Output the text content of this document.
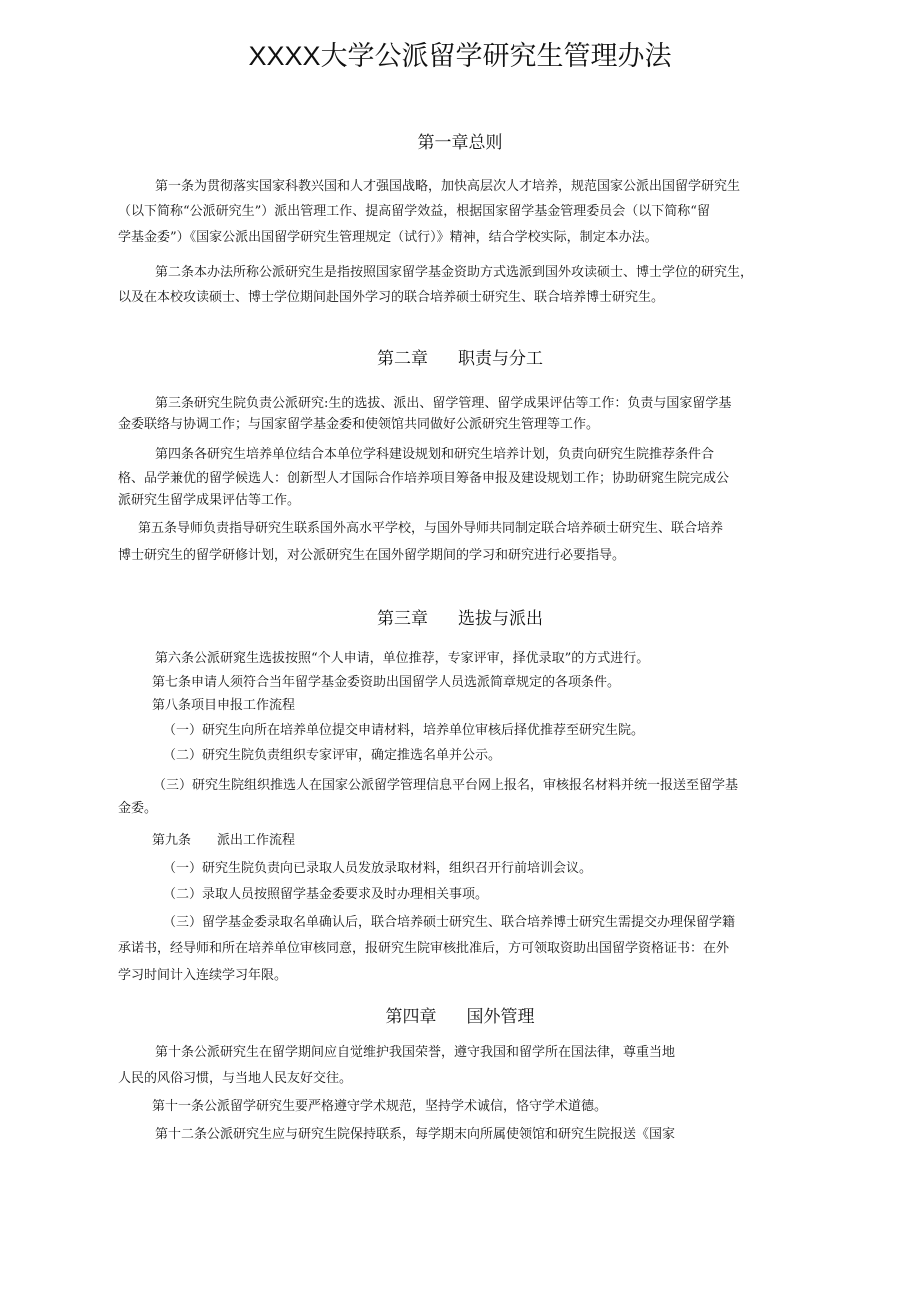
XXXX大学公派留学研究生管理办法
第一章总则
第一条为贯彻落实国家科教兴国和人才强国战略，加快高层次人才培养，规范国家公派出国留学研究生
（以下简称“公派研究生”）派出管理工作、提高留学效益，根据国家留学基金管理委员会（以下简称“留
学基金委”）《国家公派出国留学研究生管理规定（试行）》精神，结合学校实际，制定本办法。
第二条本办法所称公派研究生是指按照国家留学基金资助方式选派到国外攻读硕士、博士学位的研究生，
以及在本校攻读硕士、博士学位期间赴国外学习的联合培养硕士研究生、联合培养博士研究生。
第二章 职责与分工
第三条研究生院负责公派研究:生的选拔、派出、留学管理、留学成果评估等工作：负责与国家留学基
金委联络与协调工作；与国家留学基金委和使领馆共同做好公派研究生管理等工作。
第四条各研究生培养单位结合本单位学科建设规划和研究生培养计划，负责向研究生院推荐条件合
格、品学兼优的留学候选人：创新型人才国际合作培养项目筹备申报及建设规划工作；协助研窕生院完成公
派研究生留学成果评估等工作。
第五条导师负责指导研究生联系国外高水平学校，与国外导师共同制定联合培养硕士研究生、联合培养
博士研究生的留学研修计划，对公派研究生在国外留学期间的学习和研究进行必要指导。
第三章 选拔与派出
第六条公派研窕生选拔按照“个人申请，单位推荐，专家评审，择优录取”的方式进行。
第七条申请人须符合当年留学基金委资助出国留学人员选派简章规定的各项条件。
第八条项目申报工作流程
（一）研究生向所在培养单位提交申请材料，培养单位审核后择优推荐至研究生院。
（二）研究生院负责组织专家评审，确定推选名单并公示。
（三）研究生院组织推选人在国家公派留学管理信息平台网上报名，审核报名材料并统一报送至留学基
金委。
第九条　　派出工作流程
（一）研究生院负责向已录取人员发放录取材料，组织召开行前培训会议。
（二）录取人员按照留学基金委要求及时办理相关事项。
（三）留学基金委录取名单确认后，联合培养硕士研究生、联合培养博士研究生需提交办理保留学籍
承诺书，经导师和所在培养单位审核同意，报研究生院审核批准后，方可领取资助出国留学资格证书：在外
学习时间计入连续学习年限。
第四章 国外管理
第十条公派研究生在留学期间应自觉维护我国荣誉，遵守我国和留学所在国法律，尊重当地
人民的风俗习惯，与当地人民友好交往。
第十一条公派留学研究生要严格遵守学术规范，坚持学术诚信，恪守学术道德。
第十二条公派研究生应与研究生院保持联系，每学期末向所属使领馆和研究生院报送《国家
